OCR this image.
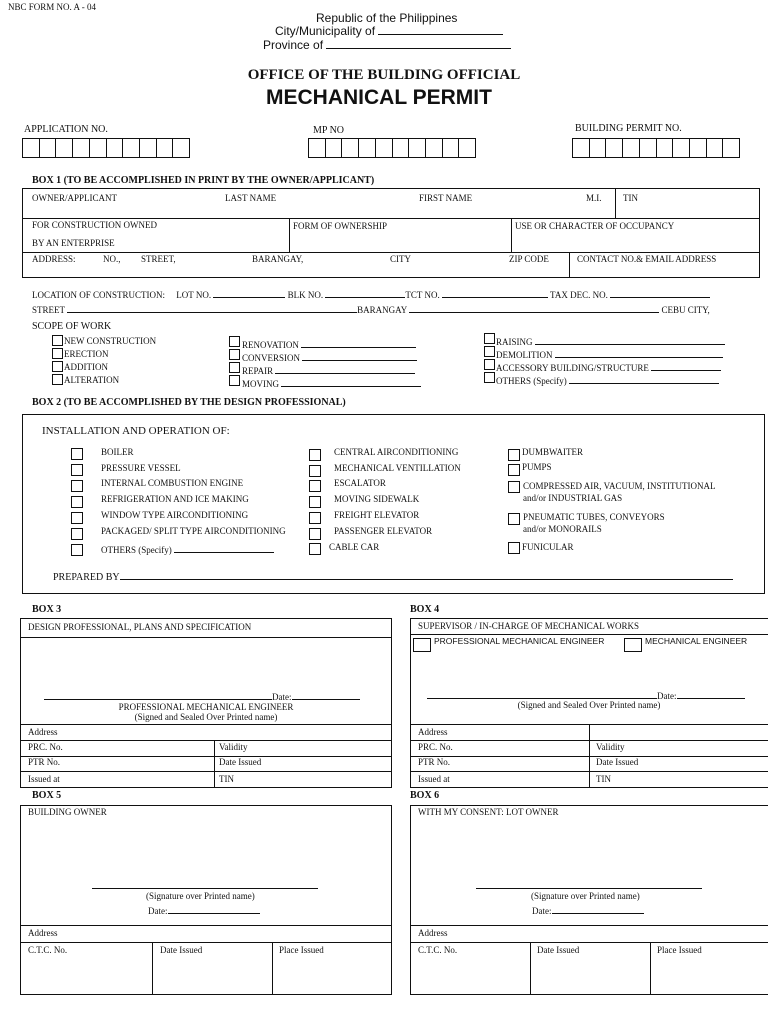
NBC FORM NO. A - 04
Republic of the Philippines
City/Municipality of
Province of
OFFICE OF THE BUILDING OFFICIAL
MECHANICAL PERMIT
APPLICATION NO.	MP NO	BUILDING PERMIT NO.
BOX 1 (TO BE ACCOMPLISHED IN PRINT BY THE OWNER/APPLICANT)
OWNER/APPLICANT	LAST NAME	FIRST NAME	M.I. TIN
FOR CONSTRUCTION OWNED
BY AN ENTERPRISE
FORM OF OWNERSHIP	USE OR CHARACTER OF OCCUPANCY
ADDRESS:	NO., STREET,	BARANGAY,	CITY	ZIP CODE	CONTACT NO.& EMAIL ADDRESS
LOCATION OF CONSTRUCTION: LOT NO.	BLK NO.	TCT NO.	TAX DEC. NO.
STREET	BARANGAY	CEBU CITY,
SCOPE OF WORK
NEW CONSTRUCTION
ERECTION
ADDITION
ALTERATION
RENOVATION
CONVERSION
REPAIR
MOVING
RAISING
DEMOLITION
ACCESSORY BUILDING/STRUCTURE
OTHERS (Specify)
BOX 2 (TO BE ACCOMPLISHED BY THE DESIGN PROFESSIONAL)
INSTALLATION AND OPERATION OF:
BOILER
PRESSURE VESSEL
INTERNAL COMBUSTION ENGINE
REFRIGERATION AND ICE MAKING
WINDOW TYPE AIRCONDITIONING
PACKAGED/ SPLIT TYPE AIRCONDITIONING
OTHERS (Specify)
CENTRAL AIRCONDITIONING
MECHANICAL VENTILLATION
ESCALATOR
MOVING SIDEWALK
FREIGHT ELEVATOR
PASSENGER ELEVATOR
CABLE CAR
DUMBWAITER
PUMPS
COMPRESSED AIR, VACUUM, INSTITUTIONAL
and/or INDUSTRIAL GAS
PNEUMATIC TUBES, CONVEYORS
and/or MONORAILS
FUNICULAR
PREPARED BY
BOX 3
DESIGN PROFESSIONAL, PLANS AND SPECIFICATION
Date:
PROFESSIONAL MECHANICAL ENGINEER
(Signed and Sealed Over Printed name)
Address
PRC. No.	Validity
PTR No.	Date Issued
Issued at	TIN
BOX 4
SUPERVISOR / IN-CHARGE OF MECHANICAL WORKS
PROFESSIONAL MECHANICAL ENGINEER	MECHANICAL ENGINEER
Date:
(Signed and Sealed Over Printed name)
Address
PRC. No.	Validity
PTR No.	Date Issued
Issued at	TIN
BOX 5
BUILDING OWNER
(Signature over Printed name)
Date:
Address
C.T.C. No.	Date Issued	Place Issued
BOX 6
WITH MY CONSENT: LOT OWNER
(Signature over Printed name)
Date:
Address
C.T.C. No.	Date Issued	Place Issued
